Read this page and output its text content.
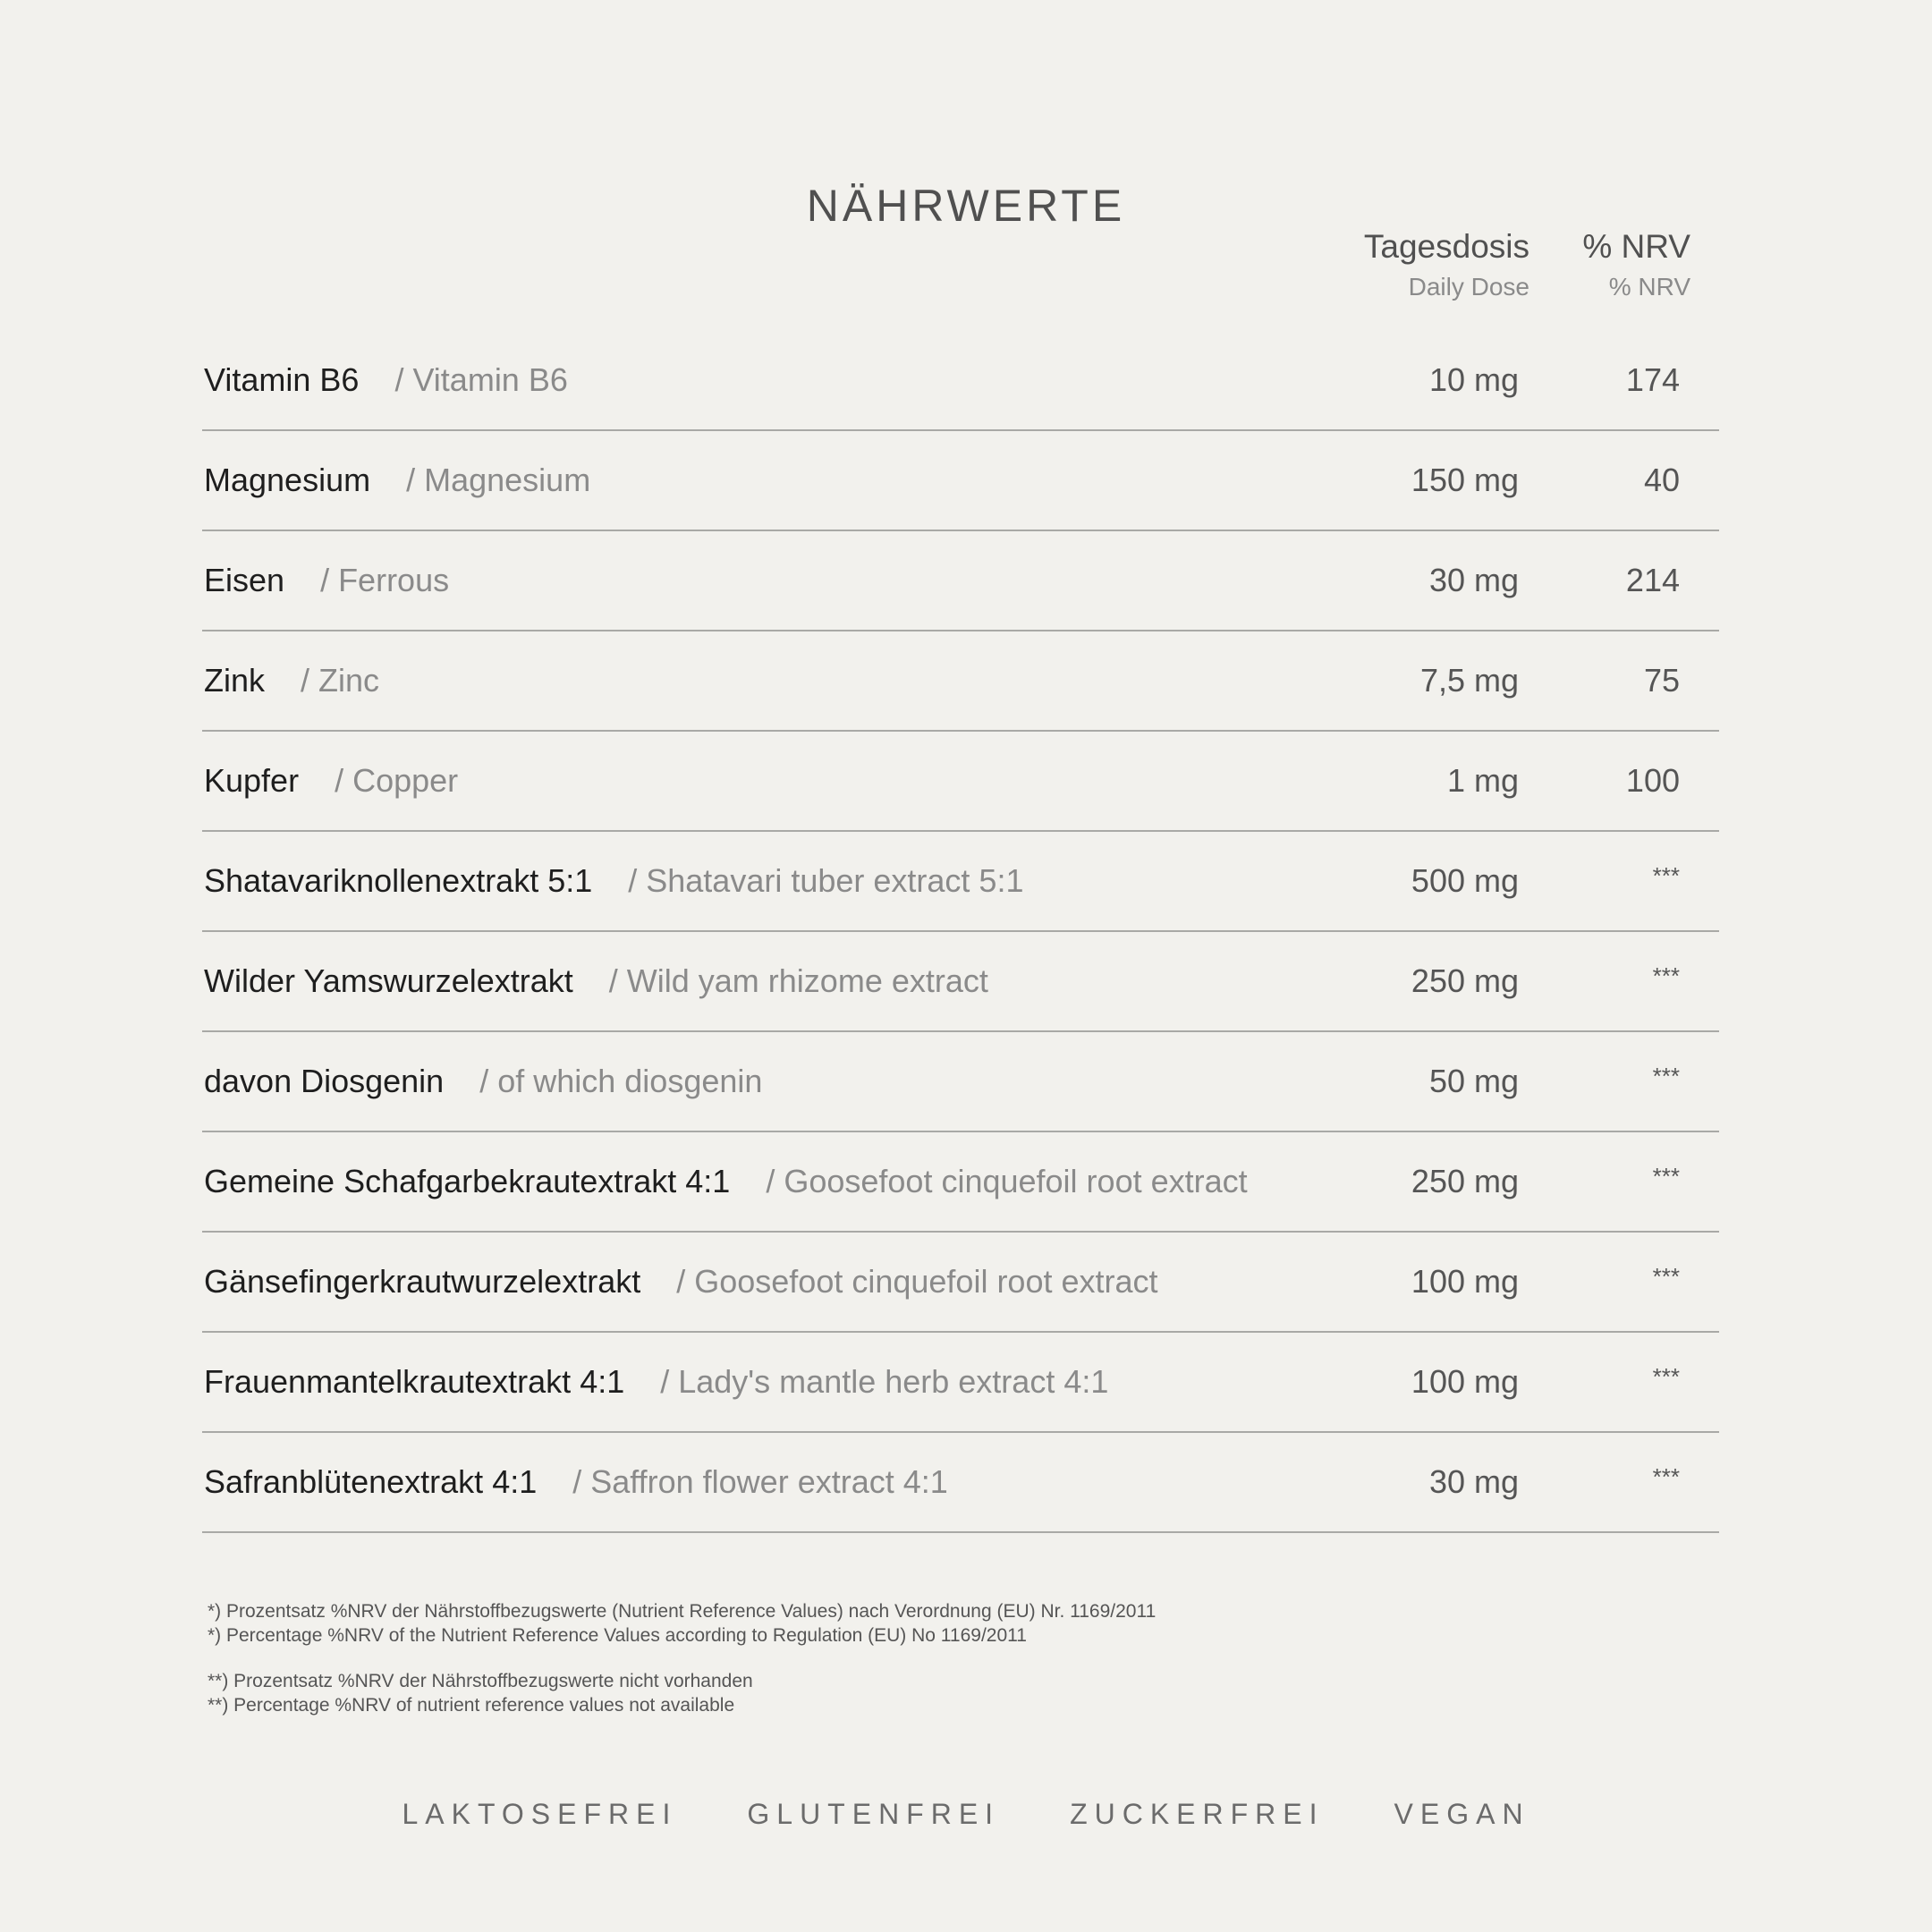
NÄHRWERTE
Tagesdosis
Daily Dose
% NRV
% NRV
Vitamin B6 / Vitamin B6	10 mg	174
Magnesium / Magnesium	150 mg	40
Eisen / Ferrous	30 mg	214
Zink / Zinc	7,5 mg	75
Kupfer / Copper	1 mg	100
Shatavariknollenextrakt 5:1 / Shatavari tuber extract 5:1	500 mg	***
Wilder Yamswurzelextrakt / Wild yam rhizome extract	250 mg	***
davon Diosgenin / of which diosgenin	50 mg	***
Gemeine Schafgarbekrautextrakt 4:1 / Goosefoot cinquefoil root extract	250 mg	***
Gänsefingerkrautwurzelextrakt / Goosefoot cinquefoil root extract	100 mg	***
Frauenmantelkrautextrakt 4:1 / Lady's mantle herb extract 4:1	100 mg	***
Safranblütenextrakt 4:1 / Saffron flower extract 4:1	30 mg	***

*) Prozentsatz %NRV der Nährstoffbezugswerte (Nutrient Reference Values) nach Verordnung (EU) Nr. 1169/2011

*) Percentage %NRV of the Nutrient Reference Values according to Regulation (EU) No 1169/2011

**) Prozentsatz %NRV der Nährstoffbezugswerte nicht vorhanden

**) Percentage %NRV of nutrient reference values not available

LAKTOSEFREI GLUTENFREI ZUCKERFREI VEGAN
